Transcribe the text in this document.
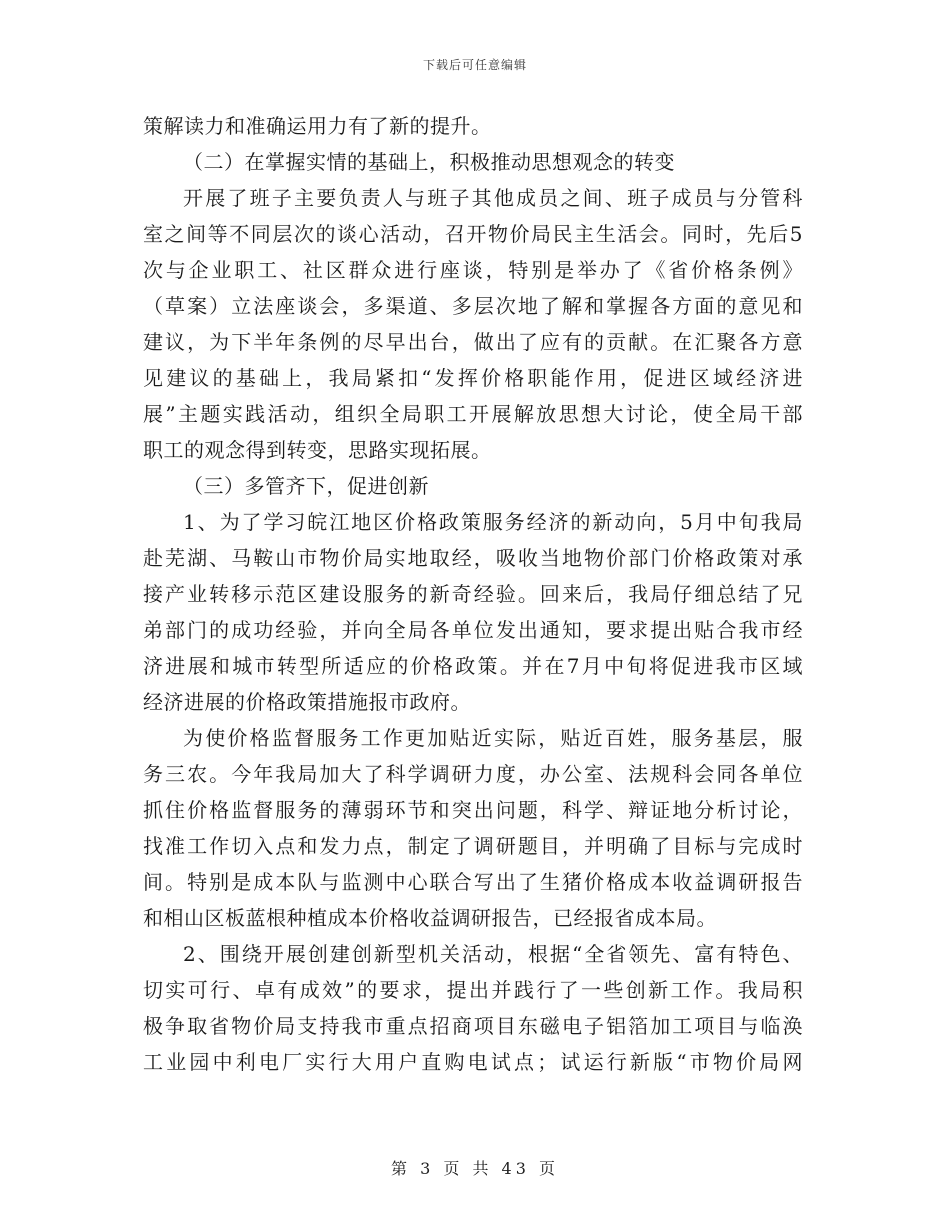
下载后可任意编辑
策解读力和准确运用力有了新的提升。
（二）在掌握实情的基础上，积极推动思想观念的转变
开展了班子主要负责人与班子其他成员之间、班子成员与分管科
室之间等不同层次的谈心活动，召开物价局民主生活会。同时，先后5
次与企业职工、社区群众进行座谈，特别是举办了《省价格条例》
（草案）立法座谈会，多渠道、多层次地了解和掌握各方面的意见和
建议，为下半年条例的尽早出台，做出了应有的贡献。在汇聚各方意
见建议的基础上，我局紧扣“发挥价格职能作用，促进区域经济进
展”主题实践活动，组织全局职工开展解放思想大讨论，使全局干部
职工的观念得到转变，思路实现拓展。
（三）多管齐下，促进创新
1、为了学习皖江地区价格政策服务经济的新动向，5月中旬我局
赴芜湖、马鞍山市物价局实地取经，吸收当地物价部门价格政策对承
接产业转移示范区建设服务的新奇经验。回来后，我局仔细总结了兄
弟部门的成功经验，并向全局各单位发出通知，要求提出贴合我市经
济进展和城市转型所适应的价格政策。并在7月中旬将促进我市区域
经济进展的价格政策措施报市政府。
为使价格监督服务工作更加贴近实际，贴近百姓，服务基层，服
务三农。今年我局加大了科学调研力度，办公室、法规科会同各单位
抓住价格监督服务的薄弱环节和突出问题，科学、辩证地分析讨论，
找准工作切入点和发力点，制定了调研题目，并明确了目标与完成时
间。特别是成本队与监测中心联合写出了生猪价格成本收益调研报告
和相山区板蓝根种植成本价格收益调研报告，已经报省成本局。
2、围绕开展创建创新型机关活动，根据“全省领先、富有特色、
切实可行、卓有成效”的要求，提出并践行了一些创新工作。我局积
极争取省物价局支持我市重点招商项目东磁电子铝箔加工项目与临涣
工业园中利电厂实行大用户直购电试点；试运行新版“市物价局网
第 3 页 共 43 页
